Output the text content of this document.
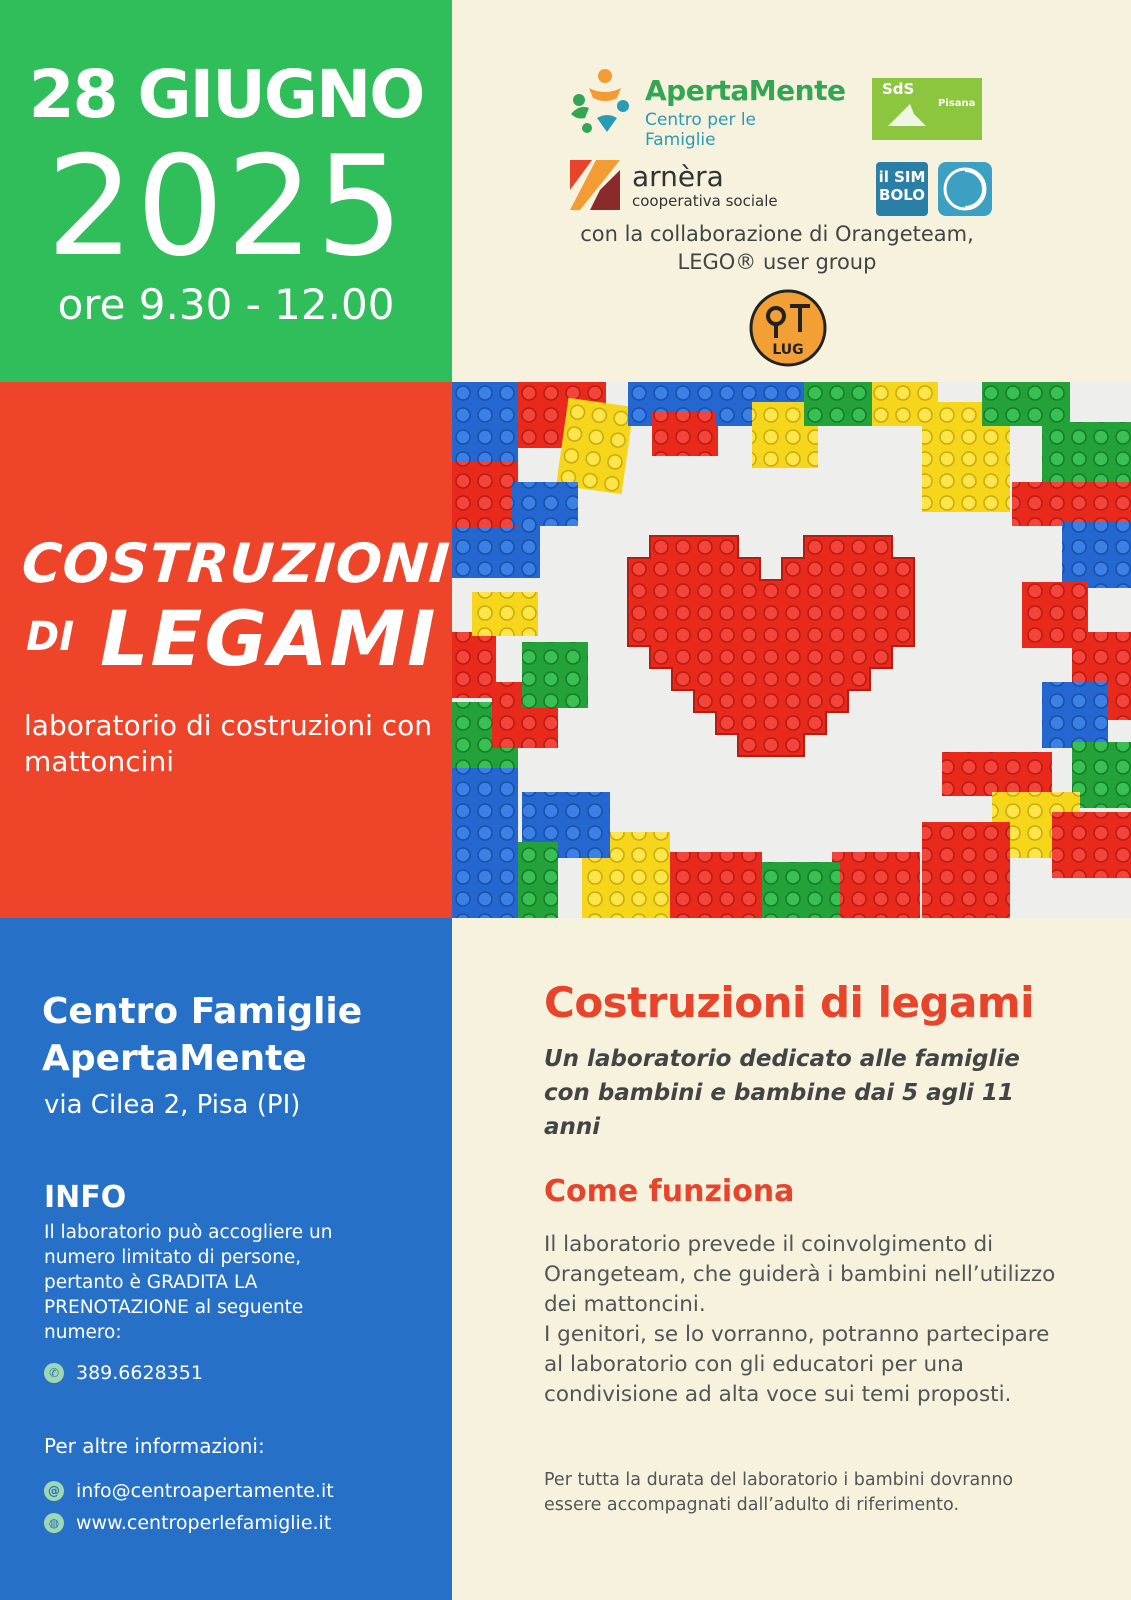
28 GIUGNO
2025
ore 9.30 - 12.00
ApertaMente
Centro per le Famiglie
SdS
Pisana
arnèra
cooperativa sociale
il SIM BOLO
con la collaborazione di Orangeteam, LEGO® user group
LUG
COSTRUZIONI
DI LEGAMI
laboratorio di costruzioni con mattoncini
Centro Famiglie ApertaMente
via Cilea 2, Pisa (PI)
INFO
Il laboratorio può accogliere un numero limitato di persone, pertanto è GRADITA LA PRENOTAZIONE al seguente numero:
✆ 389.6628351
Per altre informazioni:
@ info@centroapertamente.it
◍ www.centroperlefamiglie.it
Costruzioni di legami
Un laboratorio dedicato alle famiglie con bambini e bambine dai 5 agli 11 anni
Come funziona

Il laboratorio prevede il coinvolgimento di Orangeteam, che guiderà i bambini nell’utilizzo dei mattoncini.

I genitori, se lo vorranno, potranno partecipare al laboratorio con gli educatori per una condivisione ad alta voce sui temi proposti.

Per tutta la durata del laboratorio i bambini dovranno essere accompagnati dall’adulto di riferimento.
